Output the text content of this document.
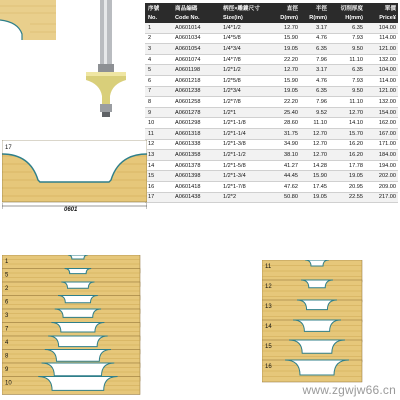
序號	商品編碼	柄徑×雕鏤尺寸	直徑	半徑	切削厚度	單價
No.	Code No.	Size(in)	D(mm)	R(mm)	H(mm)	Price¥
1	A0601014	1/4*1/2	12.70	3.17	6.35	104.00
2	A0601034	1/4*5/8	15.90	4.76	7.93	114.00
3	A0601054	1/4*3/4	19.05	6.35	9.50	121.00
4	A0601074	1/4*7/8	22.20	7.96	11.10	132.00
5	A0601198	1/2*1/2	12.70	3.17	6.35	104.00
6	A0601218	1/2*5/8	15.90	4.76	7.93	114.00
7	A0601238	1/2*3/4	19.05	6.35	9.50	121.00
8	A0601258	1/2*7/8	22.20	7.96	11.10	132.00
9	A0601278	1/2*1	25.40	9.52	12.70	154.00
10	A0601298	1/2*1-1/8	28.60	11.10	14.10	162.00
11	A0601318	1/2*1-1/4	31.75	12.70	15.70	167.00
12	A0601338	1/2*1-3/8	34.90	12.70	16.20	171.00
13	A0601358	1/2*1-1/2	38.10	12.70	16.20	184.00
14	A0601378	1/2*1-5/8	41.27	14.28	17.78	194.00
15	A0601398	1/2*1-3/4	44.45	15.90	19.05	202.00
16	A0601418	1/2*1-7/8	47.62	17.45	20.95	209.00
17	A0601438	1/2*2	50.80	19.05	22.55	217.00
17
0601
1
5
2
6
3
7
4
8
9
10
11
12
13
14
15
16
www.zgwjw66.cn
